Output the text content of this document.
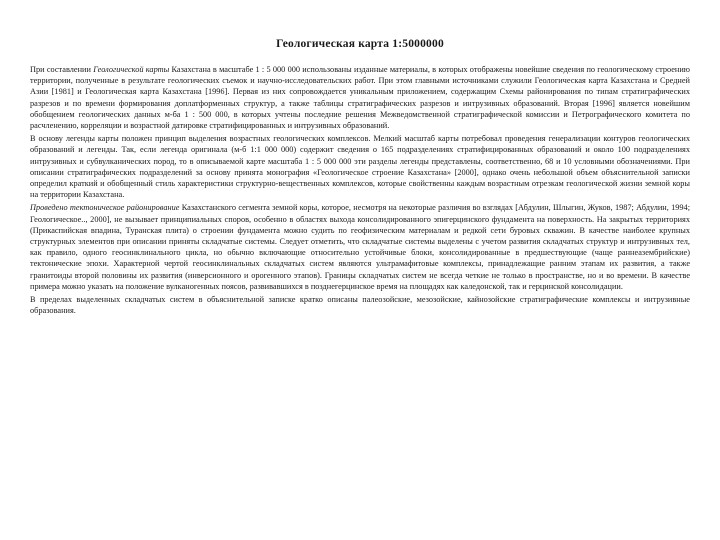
Геологическая карта 1:5000000

При составлении Геологической карты Казахстана в масштабе 1 : 5 000 000 использованы изданные материалы, в которых отображены новейшие сведения по геологическому строению территории, полученные в результате геологических съемок и научно-исследовательских работ. При этом главными источниками служили Геологическая карта Казахстана и Средней Азии [1981] и Геологическая карта Казахстана [1996]. Первая из них сопровождается уникальным приложением, содержащим Схемы районирования по типам стратиграфических разрезов и по времени формирования доплатформенных структур, а также таблицы стратиграфических разрезов и интрузивных образований. Вторая [1996] является новейшим обобщением геологических данных м-ба 1 : 500 000, в которых учтены последние решения Межведомственной стратиграфической комиссии и Петрографического комитета по расчленению, корреляции и возрастной датировке стратифицированных и интрузивных образований.

В основу легенды карты положен принцип выделения возрастных геологических комплексов. Мелкий масштаб карты потребовал проведения генерализации контуров геологических образований и легенды. Так, если легенда оригинала (м-б 1:1 000 000) содержит сведения о 165 подразделениях стратифицированных образований и около 100 подразделениях интрузивных и субвулканических пород, то в описываемой карте масштаба 1 : 5 000 000 эти разделы легенды представлены, соответственно, 68 и 10 условными обозначениями. При описании стратиграфических подразделений за основу принята монография «Геологическое строение Казахстана» [2000], однако очень небольшой объем объяснительной записки определил краткий и обобщенный стиль характеристики структурно-вещественных комплексов, которые свойственны каждым возрастным отрезкам геологической жизни земной коры на территории Казахстана.

Проведено тектоническое районирование Казахстанского сегмента земной коры, которое, несмотря на некоторые различия во взглядах [Абдулин, Шлыгин, Жуков, 1987; Абдулин, 1994; Геологическое.., 2000], не вызывает принципиальных споров, особенно в областях выхода консолидированного эпигерцинского фундамента на поверхность. На закрытых территориях (Прикаспийская впадина, Туранская плита) о строении фундамента можно судить по геофизическим материалам и редкой сети буровых скважин. В качестве наиболее крупных структурных элементов при описании приняты складчатые системы. Следует отметить, что складчатые системы выделены с учетом развития складчатых структур и интрузивных тел, как правило, одного геосинклинального цикла, но обычно включающие относительно устойчивые блоки, консолидированные в предшествующие (чаще раннеазембрийские) тектонические эпохи. Характерной чертой геосинклинальных складчатых систем являются ультрамафитовые комплексы, принадлежащие ранним этапам их развития, а также гранитоиды второй половины их развития (инверсионного и орогенного этапов). Границы складчатых систем не всегда четкие не только в пространстве, но и во времени. В качестве примера можно указать на положение вулканогенных поясов, развивавшихся в позднегерцинское время на площадях как каледонской, так и герцинской консолидации.

В пределах выделенных складчатых систем в объяснительной записке кратко описаны палеозойские, мезозойские, кайнозойские стратиграфические комплексы и интрузивные образования.
